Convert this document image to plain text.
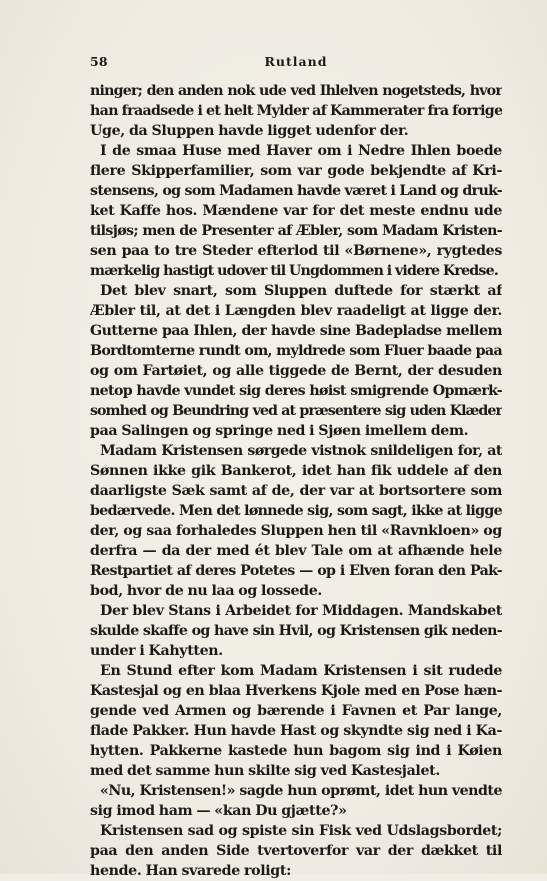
58	Rutland
ninger; den anden nok ude ved Ihlelven nogetsteds, hvor
han fraadsede i et helt Mylder af Kammerater fra forrige
Uge, da Sluppen havde ligget udenfor der.
I de smaa Huse med Haver om i Nedre Ihlen boede
flere Skipperfamilier, som var gode bekjendte af Kri-
stensens, og som Madamen havde været i Land og druk-
ket Kaffe hos. Mændene var for det meste endnu ude
tilsjøs; men de Presenter af Æbler, som Madam Kristen-
sen paa to tre Steder efterlod til «Børnene», rygtedes
mærkelig hastigt udover til Ungdommen i videre Kredse.
Det blev snart, som Sluppen duftede for stærkt af
Æbler til, at det i Længden blev raadeligt at ligge der.
Gutterne paa Ihlen, der havde sine Badepladse mellem
Bordtomterne rundt om, myldrede som Fluer baade paa
og om Fartøiet, og alle tiggede de Bernt, der desuden
netop havde vundet sig deres høist smigrende Opmærk-
somhed og Beundring ved at præsentere sig uden Klæder
paa Salingen og springe ned i Sjøen imellem dem.
Madam Kristensen sørgede vistnok snildeligen for, at
Sønnen ikke gik Bankerot, idet han fik uddele af den
daarligste Sæk samt af de, der var at bortsortere som
bedærvede. Men det lønnede sig, som sagt, ikke at ligge
der, og saa forhaledes Sluppen hen til «Ravnkloen» og
derfra — da der med ét blev Tale om at afhænde hele
Restpartiet af deres Potetes — op i Elven foran den Pak-
bod, hvor de nu laa og lossede.
Der blev Stans i Arbeidet for Middagen. Mandskabet
skulde skaffe og have sin Hvil, og Kristensen gik neden-
under i Kahytten.
En Stund efter kom Madam Kristensen i sit rudede
Kastesjal og en blaa Hverkens Kjole med en Pose hæn-
gende ved Armen og bærende i Favnen et Par lange,
flade Pakker. Hun havde Hast og skyndte sig ned i Ka-
hytten. Pakkerne kastede hun bagom sig ind i Køien
med det samme hun skilte sig ved Kastesjalet.
«Nu, Kristensen!» sagde hun oprømt, idet hun vendte
sig imod ham — «kan Du gjætte?»
Kristensen sad og spiste sin Fisk ved Udslagsbordet;
paa den anden Side tvertoverfor var der dækket til
hende. Han svarede roligt:
